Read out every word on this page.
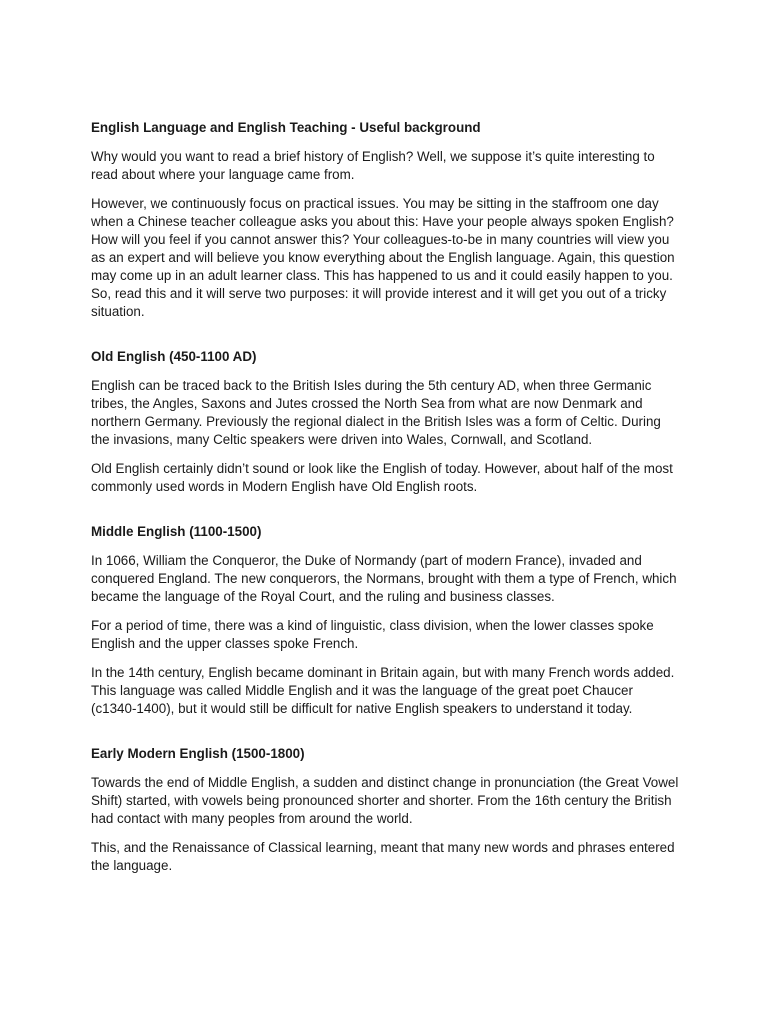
English Language and English Teaching - Useful background

Why would you want to read a brief history of English? Well, we suppose it’s quite interesting to read about where your language came from.

However, we continuously focus on practical issues. You may be sitting in the staffroom one day when a Chinese teacher colleague asks you about this: Have your people always spoken English? How will you feel if you cannot answer this? Your colleagues-to-be in many countries will view you as an expert and will believe you know everything about the English language. Again, this question may come up in an adult learner class. This has happened to us and it could easily happen to you. So, read this and it will serve two purposes: it will provide interest and it will get you out of a tricky situation.

Old English (450-1100 AD)

English can be traced back to the British Isles during the 5th century AD, when three Germanic tribes, the Angles, Saxons and Jutes crossed the North Sea from what are now Denmark and northern Germany. Previously the regional dialect in the British Isles was a form of Celtic. During the invasions, many Celtic speakers were driven into Wales, Cornwall, and Scotland.

Old English certainly didn’t sound or look like the English of today. However, about half of the most commonly used words in Modern English have Old English roots.

Middle English (1100-1500)

In 1066, William the Conqueror, the Duke of Normandy (part of modern France), invaded and conquered England. The new conquerors, the Normans, brought with them a type of French, which became the language of the Royal Court, and the ruling and business classes.

For a period of time, there was a kind of linguistic, class division, when the lower classes spoke English and the upper classes spoke French.

In the 14th century, English became dominant in Britain again, but with many French words added. This language was called Middle English and it was the language of the great poet Chaucer (c1340-1400), but it would still be difficult for native English speakers to understand it today.

Early Modern English (1500-1800)

Towards the end of Middle English, a sudden and distinct change in pronunciation (the Great Vowel Shift) started, with vowels being pronounced shorter and shorter. From the 16th century the British had contact with many peoples from around the world.

This, and the Renaissance of Classical learning, meant that many new words and phrases entered the language.
